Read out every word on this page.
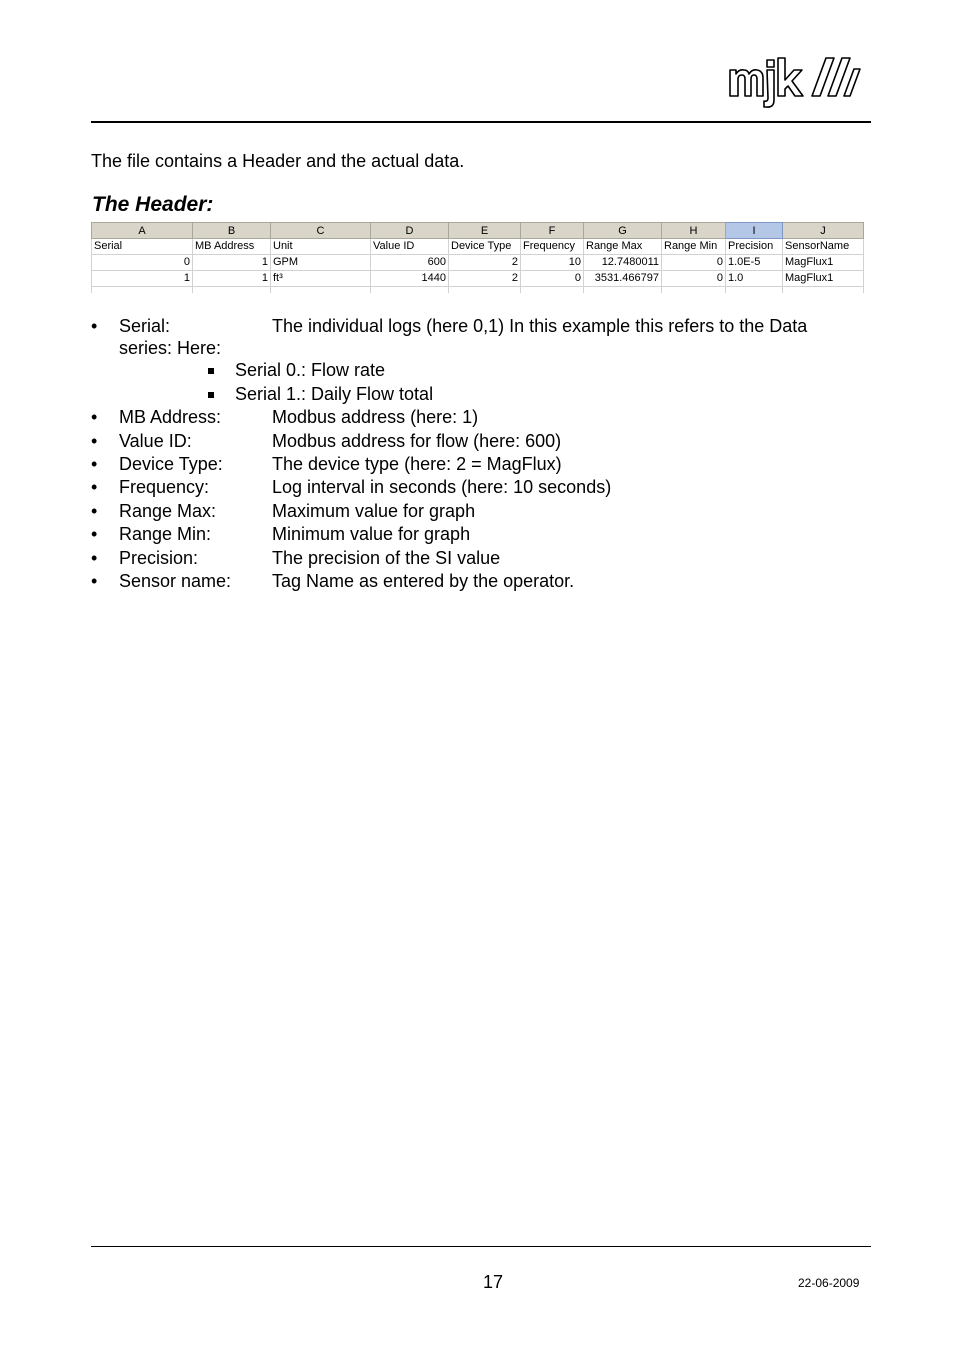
The file contains a Header and the actual data.
The Header:
A	B	C	D	E	F	G	H	I	J
Serial	MB Address	Unit	Value ID	Device Type	Frequency	Range Max	Range Min	Precision	SensorName
0	1	GPM	600	2	10	12.7480011	0	1.0E-5	MagFlux1
1	1	ft³	1440	2	0	3531.466797	0	1.0	MagFlux1

• Serial:	The individual logs (here 0,1) In this example this refers to the Data
series: Here:
Serial 0.: Flow rate
Serial 1.: Daily Flow total
• MB Address:	Modbus address (here: 1)
• Value ID:	Modbus address for flow (here: 600)
• Device Type:	The device type (here: 2 = MagFlux)
• Frequency:	Log interval in seconds (here: 10 seconds)
• Range Max:	Maximum value for graph
• Range Min:	Minimum value for graph
• Precision:	The precision of the SI value
• Sensor name: Tag Name as entered by the operator.
17	22-06-2009
